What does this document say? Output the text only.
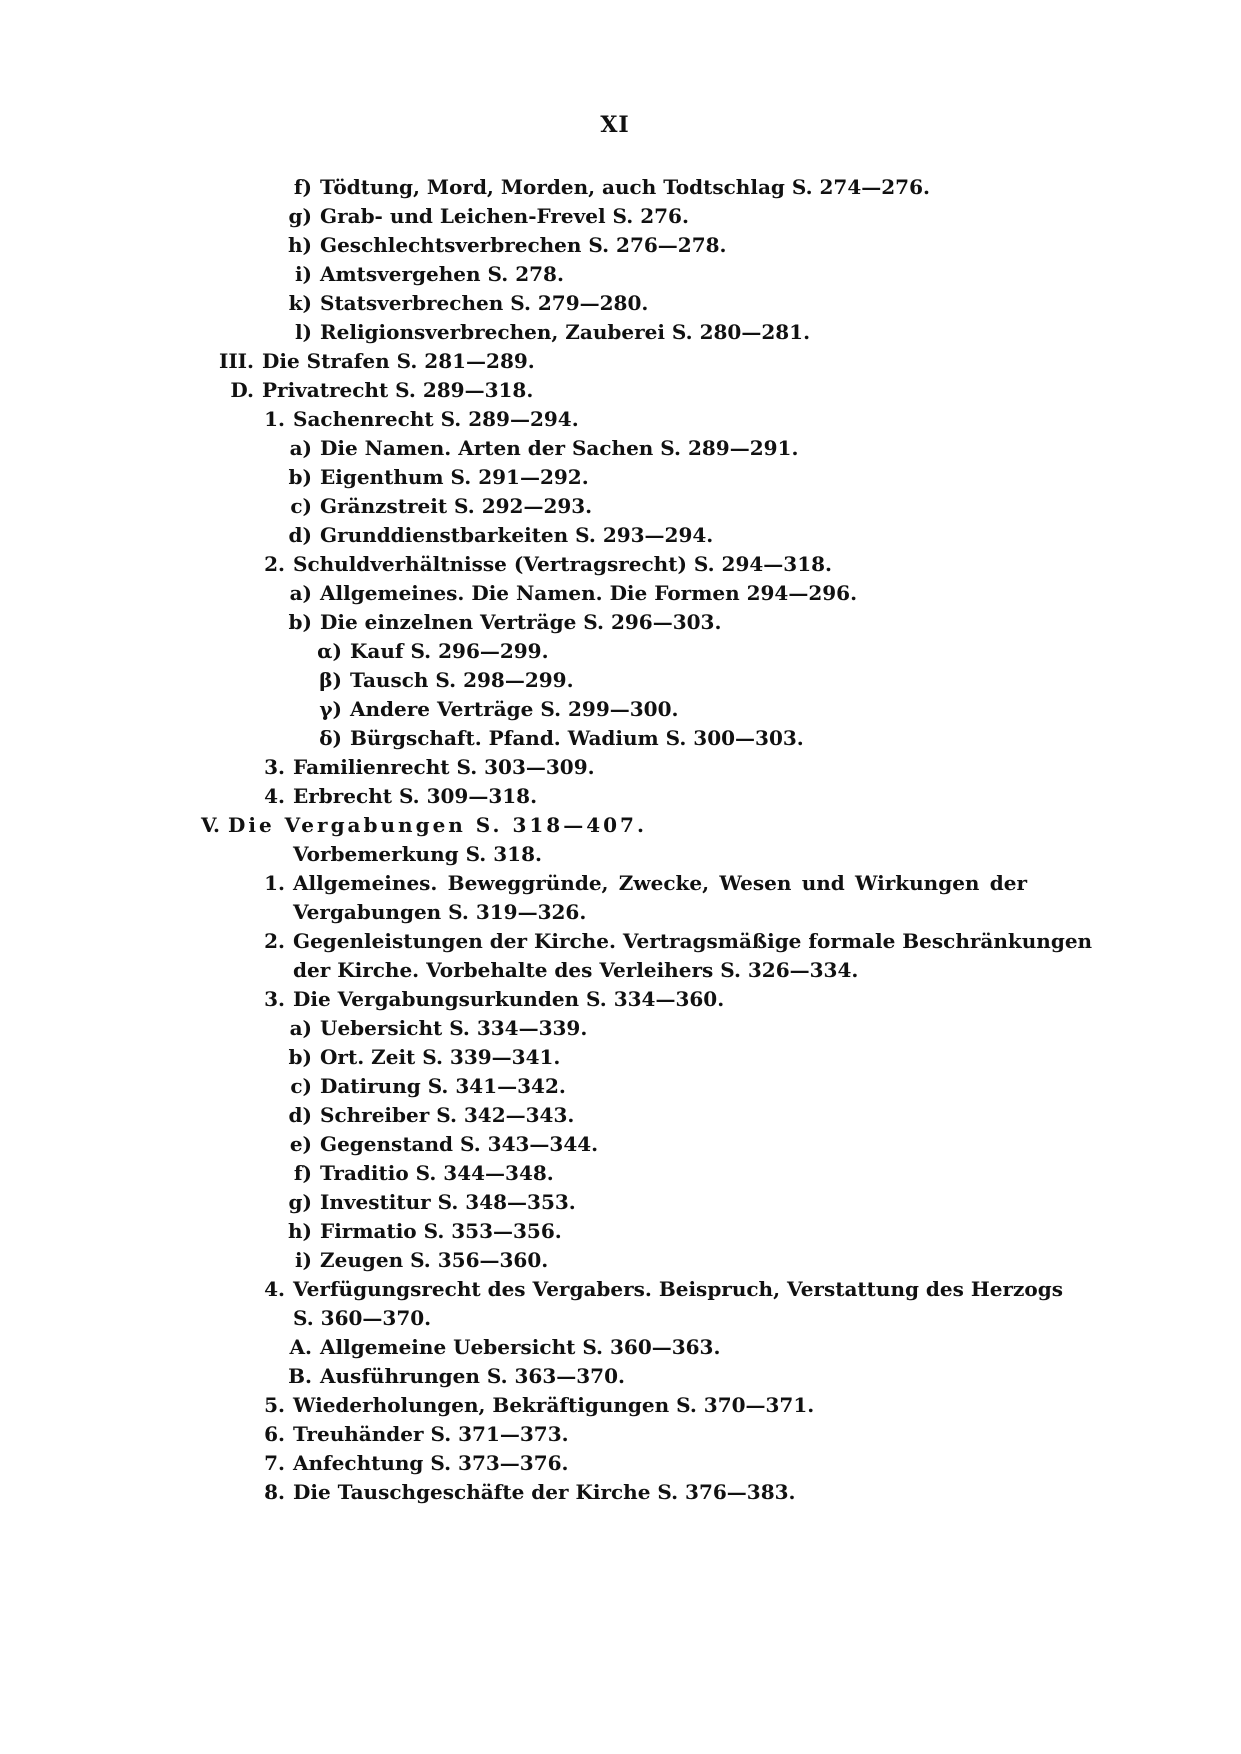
XI
f) Tödtung, Mord, Morden, auch Todtschlag S. 274—276.
g) Grab- und Leichen-Frevel S. 276.
h) Geschlechtsverbrechen S. 276—278.
i) Amtsvergehen S. 278.
k) Statsverbrechen S. 279—280.
l) Religionsverbrechen, Zauberei S. 280—281.
III. Die Strafen S. 281—289.
D. Privatrecht S. 289—318.
1. Sachenrecht S. 289—294.
a) Die Namen. Arten der Sachen S. 289—291.
b) Eigenthum S. 291—292.
c) Gränzstreit S. 292—293.
d) Grunddienstbarkeiten S. 293—294.
2. Schuldverhältnisse (Vertragsrecht) S. 294—318.
a) Allgemeines. Die Namen. Die Formen 294—296.
b) Die einzelnen Verträge S. 296—303.
α) Kauf S. 296—299.
β) Tausch S. 298—299.
γ) Andere Verträge S. 299—300.
δ) Bürgschaft. Pfand. Wadium S. 300—303.
3. Familienrecht S. 303—309.
4. Erbrecht S. 309—318.
V. Die Vergabungen S. 318—407.
Vorbemerkung S. 318.
1. Allgemeines. Beweggründe, Zwecke, Wesen und Wirkungen der
Vergabungen S. 319—326.
2. Gegenleistungen der Kirche. Vertragsmäßige formale Beschränkungen
der Kirche. Vorbehalte des Verleihers S. 326—334.
3. Die Vergabungsurkunden S. 334—360.
a) Uebersicht S. 334—339.
b) Ort. Zeit S. 339—341.
c) Datirung S. 341—342.
d) Schreiber S. 342—343.
e) Gegenstand S. 343—344.
f) Traditio S. 344—348.
g) Investitur S. 348—353.
h) Firmatio S. 353—356.
i) Zeugen S. 356—360.
4. Verfügungsrecht des Vergabers. Beispruch, Verstattung des Herzogs
S. 360—370.
A. Allgemeine Uebersicht S. 360—363.
B. Ausführungen S. 363—370.
5. Wiederholungen, Bekräftigungen S. 370—371.
6. Treuhänder S. 371—373.
7. Anfechtung S. 373—376.
8. Die Tauschgeschäfte der Kirche S. 376—383.
